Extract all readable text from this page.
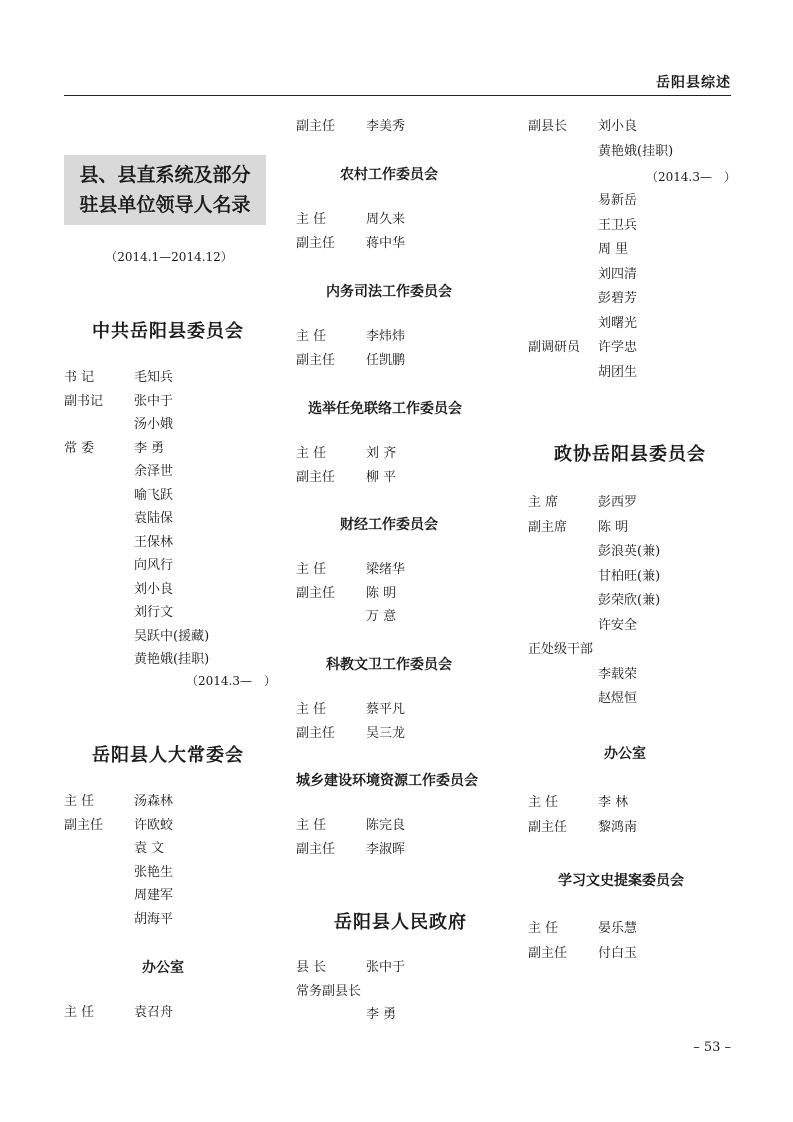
岳阳县综述
县、县直系统及部分
驻县单位领导人名录
（2014.1—2014.12）
中共岳阳县委员会
书 记	毛知兵
副书记 张中于
汤小娥
常 委	李 勇
余泽世
喻飞跃
袁陆保
王保林
向风行
刘小良
刘行文
吴跃中(援藏)
黄艳娥(挂职)
（2014.3—　）
岳阳县人大常委会
主 任	汤森林
副主任 许欧蛟
袁 文
张艳生
周建军
胡海平
办公室
主 任	袁召舟
副主任 李美秀
农村工作委员会
主 任	周久来
副主任 蒋中华
内务司法工作委员会
主 任	李炜炜
副主任 任凯鹏
选举任免联络工作委员会
主 任	刘 齐
副主任 柳 平
财经工作委员会
主 任	梁绪华
副主任 陈 明
万 意
科教文卫工作委员会
主 任	蔡平凡
副主任 吴三龙
城乡建设环境资源工作委员会
主 任	陈完良
副主任 李淑晖
岳阳县人民政府
县 长	张中于
常务副县长
李 勇
副县长 刘小良
黄艳娥(挂职)
（2014.3—　）
易新岳
王卫兵
周 里
刘四清
彭碧芳
刘曙光
副调研员 许学忠
胡团生
政协岳阳县委员会
主 席	彭西罗
副主席 陈 明
彭浪英(兼)
甘柏旺(兼)
彭荣欣(兼)
许安全
正处级干部
李载荣
赵煜恒
办公室
主 任	李 林
副主任 黎鸿南
学习文史提案委员会
主 任	晏乐慧
副主任 付白玉
– 53 –
